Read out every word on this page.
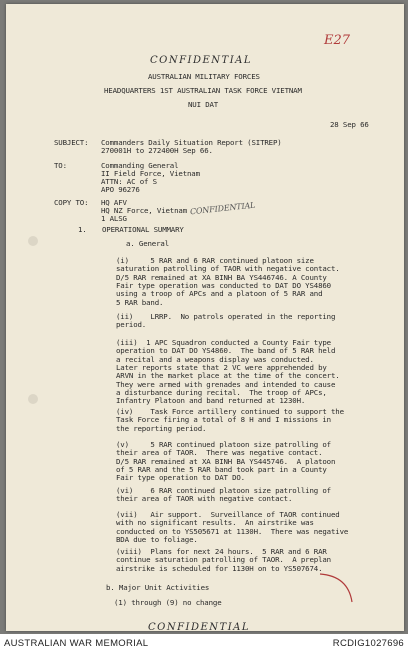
E27
CONFIDENTIAL
AUSTRALIAN MILITARY FORCES
HEADQUARTERS 1ST AUSTRALIAN TASK FORCE VIETNAM
NUI DAT
28 Sep 66
SUBJECT: Commanders Daily Situation Report (SITREP)
270001H to 272400H Sep 66.
TO:	Commanding General
II Field Force, Vietnam
ATTN: AC of S
APO 96276
COPY TO: HQ AFV
HQ NZ Force, Vietnam
1 ALSG
CONFIDENTIAL
1. OPERATIONAL SUMMARY
a. General
(i)     5 RAR and 6 RAR continued platoon size
saturation patrolling of TAOR with negative contact.
D/5 RAR remained at XA BINH BA YS446746. A County
Fair type operation was conducted to DAT DO YS4860
using a troop of APCs and a platoon of 5 RAR and
5 RAR band.
(ii)    LRRP.  No patrols operated in the reporting
period.
(iii)  1 APC Squadron conducted a County Fair type
operation to DAT DO YS4860.  The band of 5 RAR held
a recital and a weapons display was conducted.
Later reports state that 2 VC were apprehended by
ARVN in the market place at the time of the concert.
They were armed with grenades and intended to cause
a disturbance during recital.  The troop of APCs,
Infantry Platoon and band returned at 1230H.
(iv)    Task Force artillery continued to support the
Task Force firing a total of 8 H and I missions in
the reporting period.
(v)     5 RAR continued platoon size patrolling of
their area of TAOR.  There was negative contact.
D/5 RAR remained at XA BINH BA YS445746.  A platoon
of 5 RAR and the 5 RAR band took part in a County
Fair type operation to DAT DO.
(vi)    6 RAR continued platoon size patrolling of
their area of TAOR with negative contact.
(vii)   Air support.  Surveillance of TAOR continued
with no significant results.  An airstrike was
conducted on to YS505671 at 1130H.  There was negative
BDA due to foliage.
(viii)  Plans for next 24 hours.  5 RAR and 6 RAR
continue saturation patrolling of TAOR.  A preplan
airstrike is scheduled for 1130H on to YS507674.
b. Major Unit Activities
(1) through (9) no change
CONFIDENTIAL
AUSTRALIAN WAR MEMORIAL	RCDIG1027696
